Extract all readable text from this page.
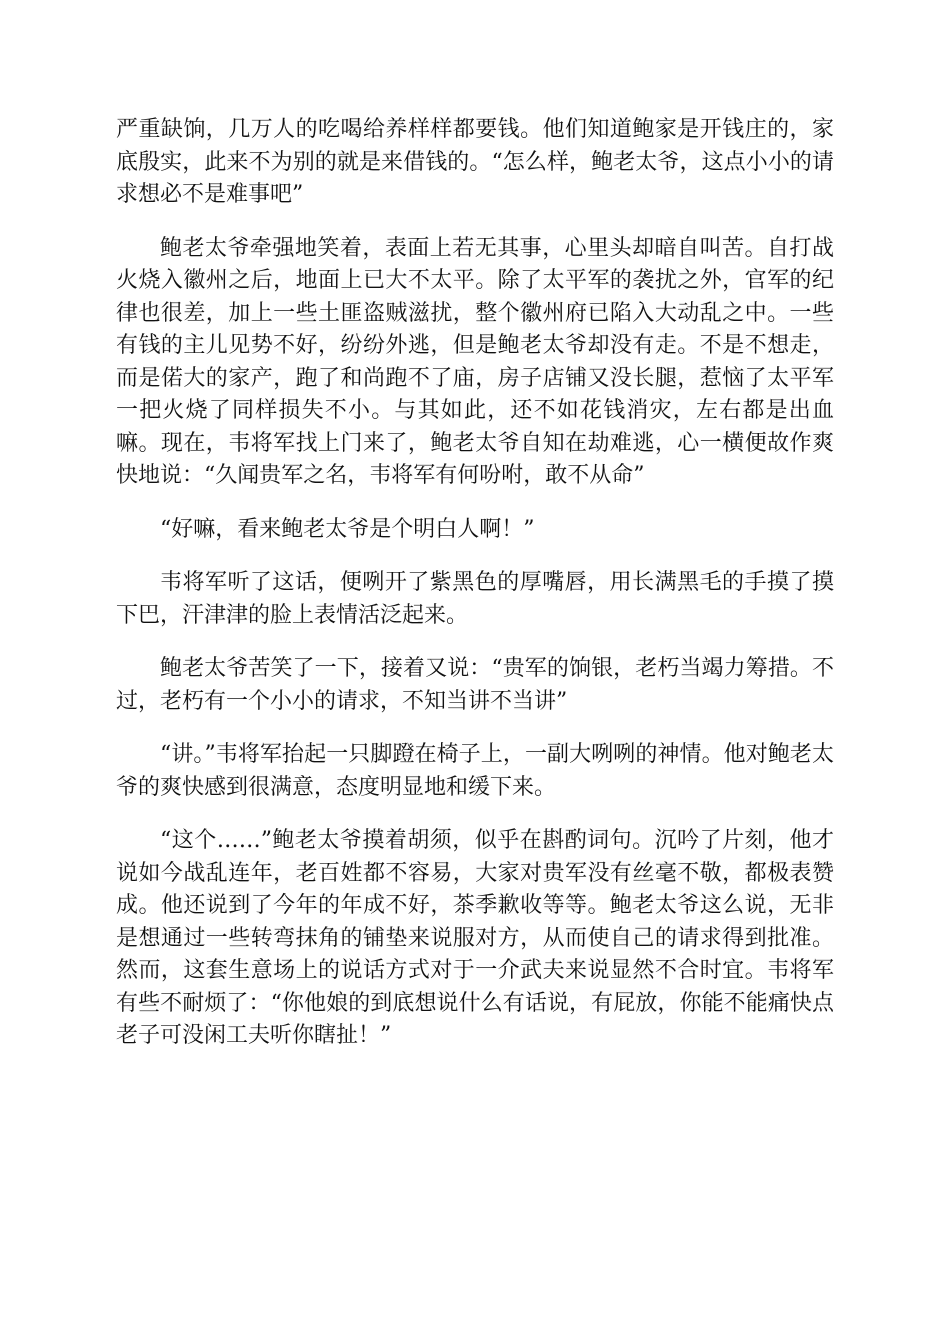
严重缺饷，几万人的吃喝给养样样都要钱。他们知道鲍家是开钱庄的，家底殷实，此来不为别的就是来借钱的。“怎么样，鲍老太爷，这点小小的请求想必不是难事吧”

鲍老太爷牵强地笑着，表面上若无其事，心里头却暗自叫苦。自打战火烧入徽州之后，地面上已大不太平。除了太平军的袭扰之外，官军的纪律也很差，加上一些土匪盗贼滋扰，整个徽州府已陷入大动乱之中。一些有钱的主儿见势不好，纷纷外逃，但是鲍老太爷却没有走。不是不想走，而是偌大的家产，跑了和尚跑不了庙，房子店铺又没长腿，惹恼了太平军一把火烧了同样损失不小。与其如此，还不如花钱消灾，左右都是出血嘛。现在，韦将军找上门来了，鲍老太爷自知在劫难逃，心一横便故作爽快地说：“久闻贵军之名，韦将军有何吩咐，敢不从命”

“好嘛，看来鲍老太爷是个明白人啊！”

韦将军听了这话，便咧开了紫黑色的厚嘴唇，用长满黑毛的手摸了摸下巴，汗津津的脸上表情活泛起来。

鲍老太爷苦笑了一下，接着又说：“贵军的饷银，老朽当竭力筹措。不过，老朽有一个小小的请求，不知当讲不当讲”

“讲。”韦将军抬起一只脚蹬在椅子上，一副大咧咧的神情。他对鲍老太爷的爽快感到很满意，态度明显地和缓下来。

“这个……”鲍老太爷摸着胡须，似乎在斟酌词句。沉吟了片刻，他才说如今战乱连年，老百姓都不容易，大家对贵军没有丝毫不敬，都极表赞成。他还说到了今年的年成不好，茶季歉收等等。鲍老太爷这么说，无非是想通过一些转弯抹角的铺垫来说服对方，从而使自己的请求得到批准。然而，这套生意场上的说话方式对于一介武夫来说显然不合时宜。韦将军有些不耐烦了：“你他娘的到底想说什么有话说，有屁放，你能不能痛快点老子可没闲工夫听你瞎扯！”
